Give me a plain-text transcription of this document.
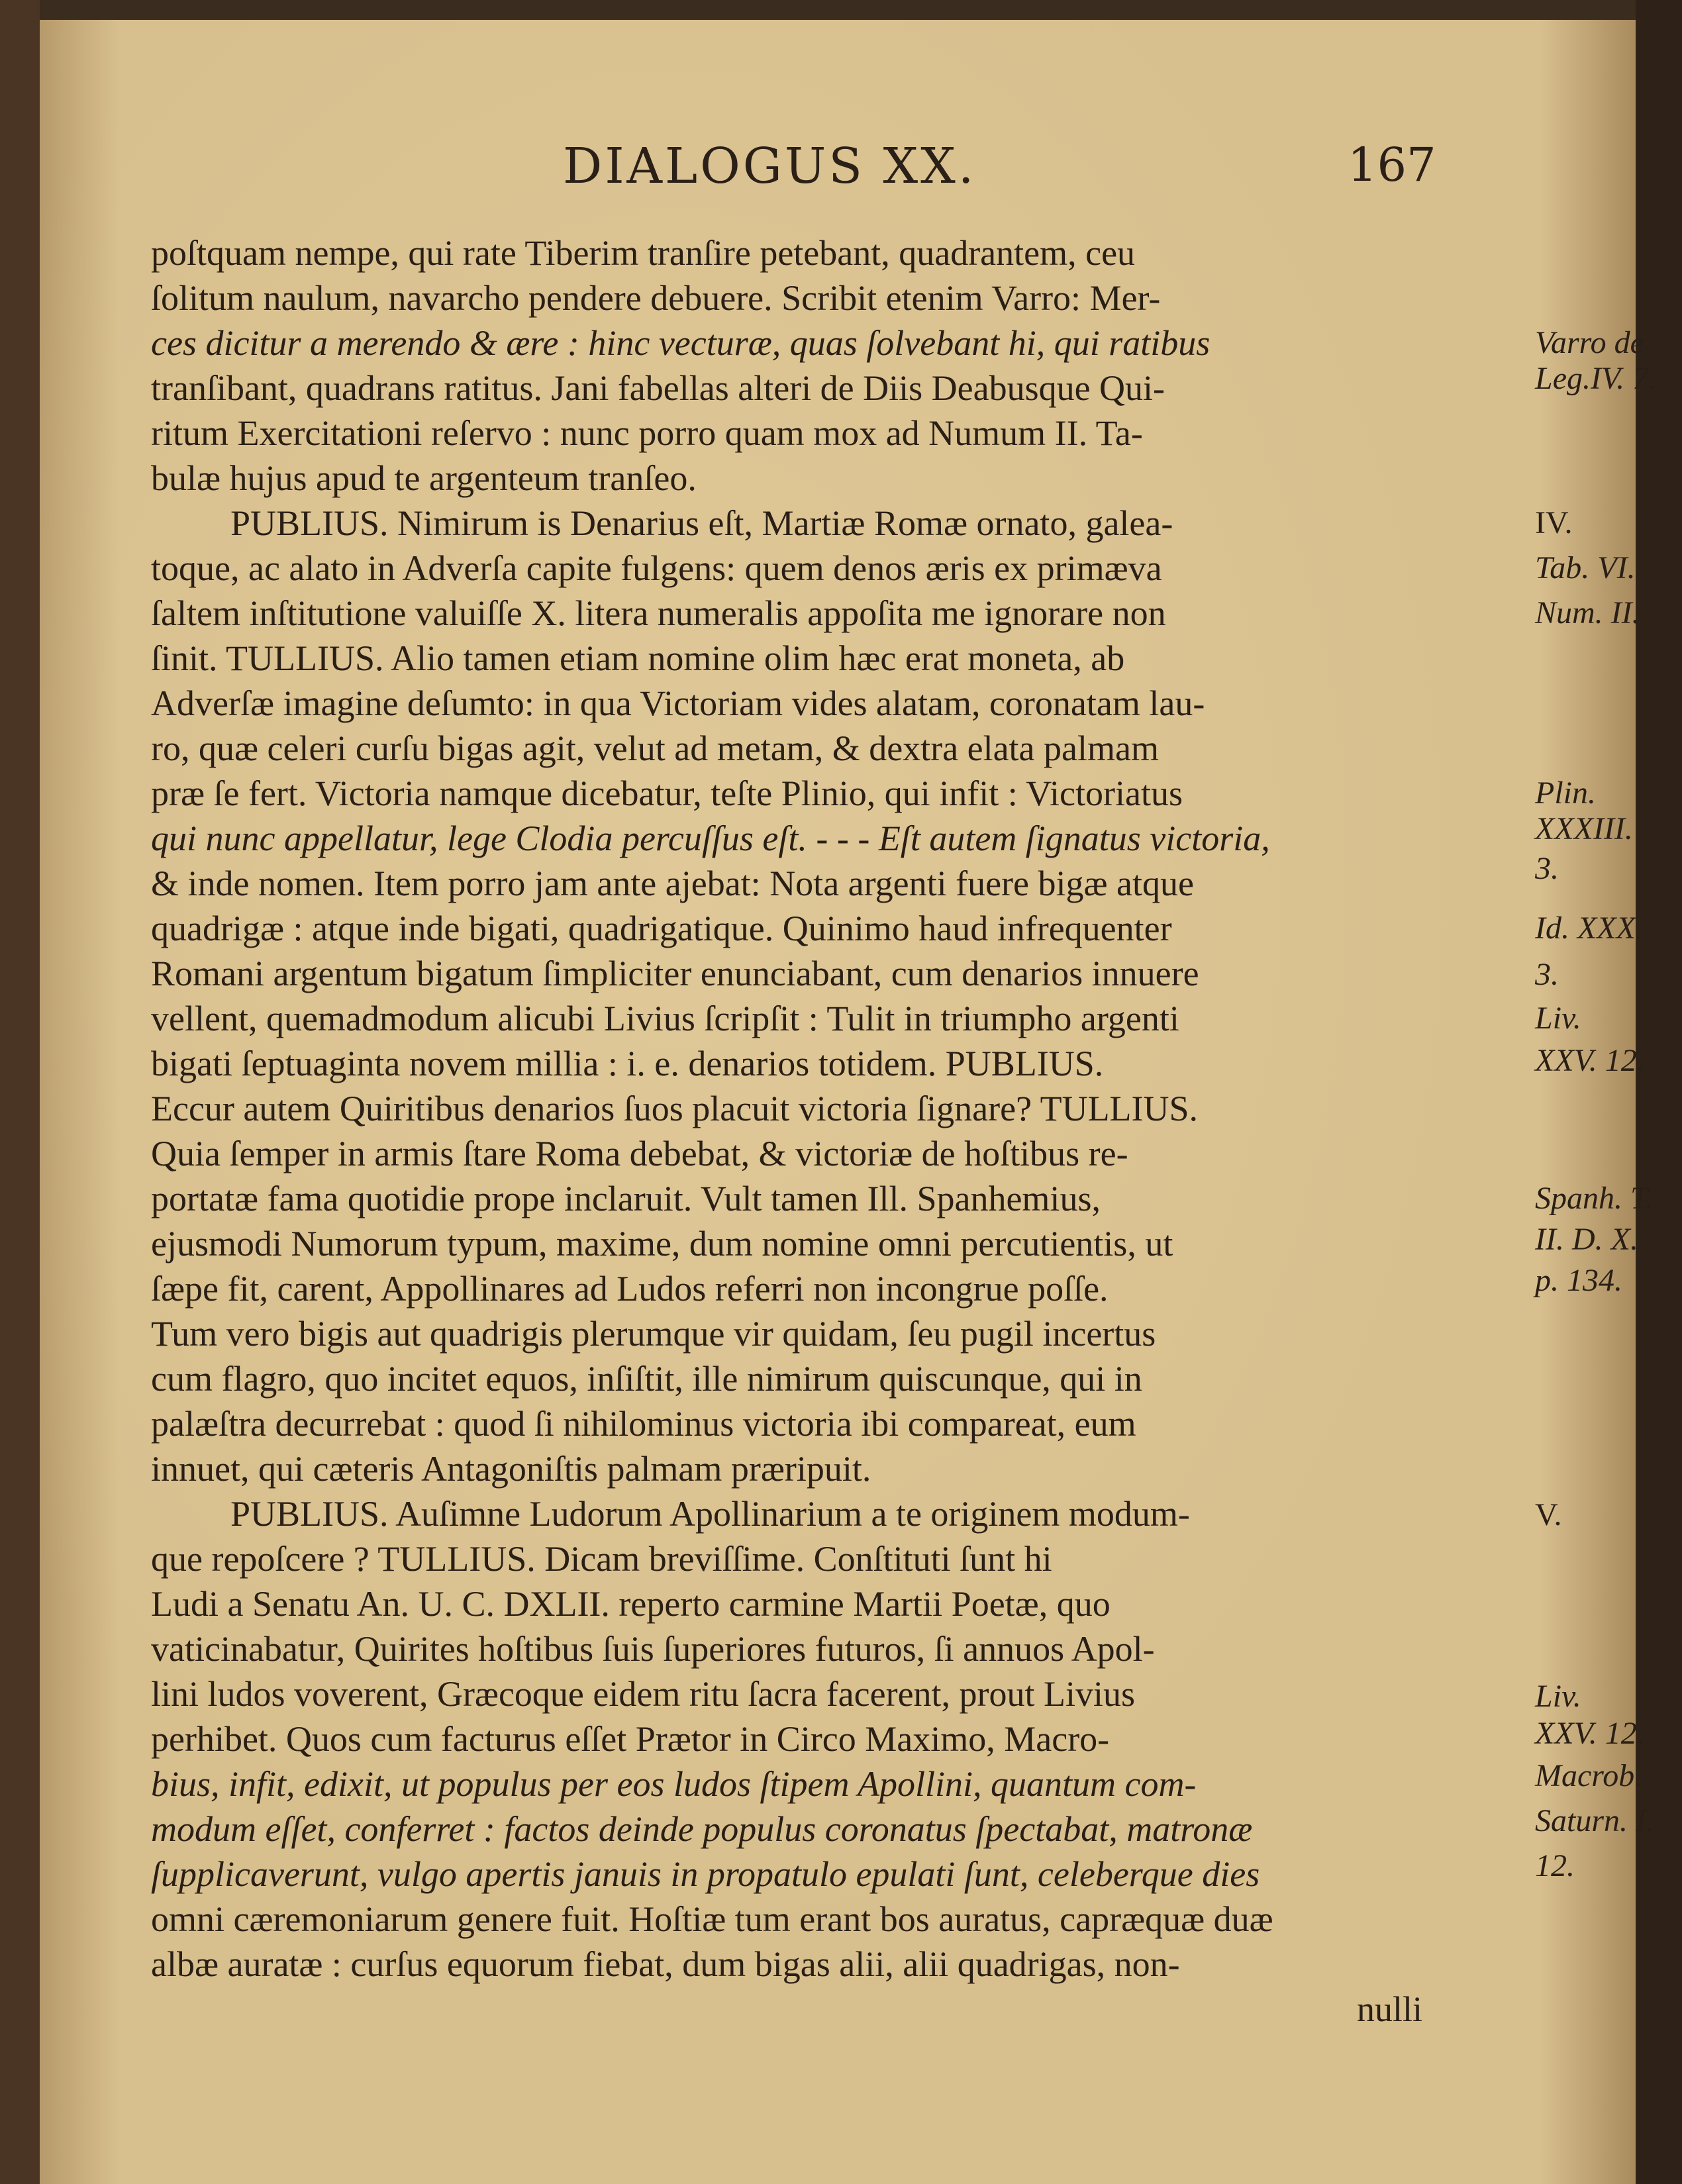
DIALOGUS XX.	167
poſtquam nempe, qui rate Tiberim tranſire petebant, quadrantem, ceu
ſolitum naulum, navarcho pendere debuere. Scribit etenim Varro: Mer-
ces dicitur a merendo & ære : hinc vecturæ, quas ſolvebant hi, qui ratibus
tranſibant, quadrans ratitus. Jani fabellas alteri de Diis Deabusque Qui-
ritum Exercitationi reſervo : nunc porro quam mox ad Numum II. Ta-
bulæ hujus apud te argenteum tranſeo.
PUBLIUS. Nimirum is Denarius eſt, Martiæ Romæ ornato, galea-
toque, ac alato in Adverſa capite fulgens: quem denos æris ex primæva
ſaltem inſtitutione valuiſſe X. litera numeralis appoſita me ignorare non
ſinit. TULLIUS. Alio tamen etiam nomine olim hæc erat moneta, ab
Adverſæ imagine deſumto: in qua Victoriam vides alatam, coronatam lau-
ro, quæ celeri curſu bigas agit, velut ad metam, & dextra elata palmam
præ ſe fert. Victoria namque dicebatur, teſte Plinio, qui infit : Victoriatus
qui nunc appellatur, lege Clodia percuſſus eſt. - - - Eſt autem ſignatus victoria,
& inde nomen. Item porro jam ante ajebat: Nota argenti fuere bigæ atque
quadrigæ : atque inde bigati, quadrigatique. Quinimo haud infrequenter
Romani argentum bigatum ſimpliciter enunciabant, cum denarios innuere
vellent, quemadmodum alicubi Livius ſcripſit : Tulit in triumpho argenti
bigati ſeptuaginta novem millia : i. e. denarios totidem. PUBLIUS.
Eccur autem Quiritibus denarios ſuos placuit victoria ſignare? TULLIUS.
Quia ſemper in armis ſtare Roma debebat, & victoriæ de hoſtibus re-
portatæ fama quotidie prope inclaruit. Vult tamen Ill. Spanhemius,
ejusmodi Numorum typum, maxime, dum nomine omni percutientis, ut
ſæpe fit, carent, Appollinares ad Ludos referri non incongrue poſſe.
Tum vero bigis aut quadrigis plerumque vir quidam, ſeu pugil incertus
cum flagro, quo incitet equos, inſiſtit, ille nimirum quiscunque, qui in
palæſtra decurrebat : quod ſi nihilominus victoria ibi compareat, eum
innuet, qui cæteris Antagoniſtis palmam præripuit.
PUBLIUS. Auſimne Ludorum Apollinarium a te originem modum-
que repoſcere ? TULLIUS. Dicam breviſſime. Conſtituti ſunt hi
Ludi a Senatu An. U. C. DXLII. reperto carmine Martii Poetæ, quo
vaticinabatur, Quirites hoſtibus ſuis ſuperiores futuros, ſi annuos Apol-
lini ludos voverent, Græcoque eidem ritu ſacra facerent, prout Livius
perhibet. Quos cum facturus eſſet Prætor in Circo Maximo, Macro-
bius, infit, edixit, ut populus per eos ludos ſtipem Apollini, quantum com-
modum eſſet, conferret : factos deinde populus coronatus ſpectabat, matronæ
ſupplicaverunt, vulgo apertis januis in propatulo epulati ſunt, celeberque dies
omni cæremoniarum genere fuit. Hoſtiæ tum erant bos auratus, capræquæ duæ
albæ auratæ : curſus equorum fiebat, dum bigas alii, alii quadrigas, non-
nulli
Varro de
Leg.IV. 7.
IV.
Tab. VI.
Num. II.
Plin.
XXXIII.
3.
Id. XXX.
3.
Liv.
XXV. 12.
Spanh. T.
II. D. X.
p. 134.
V.
Liv.
XXV. 12.
Macrob.
Saturn. I.
12.
